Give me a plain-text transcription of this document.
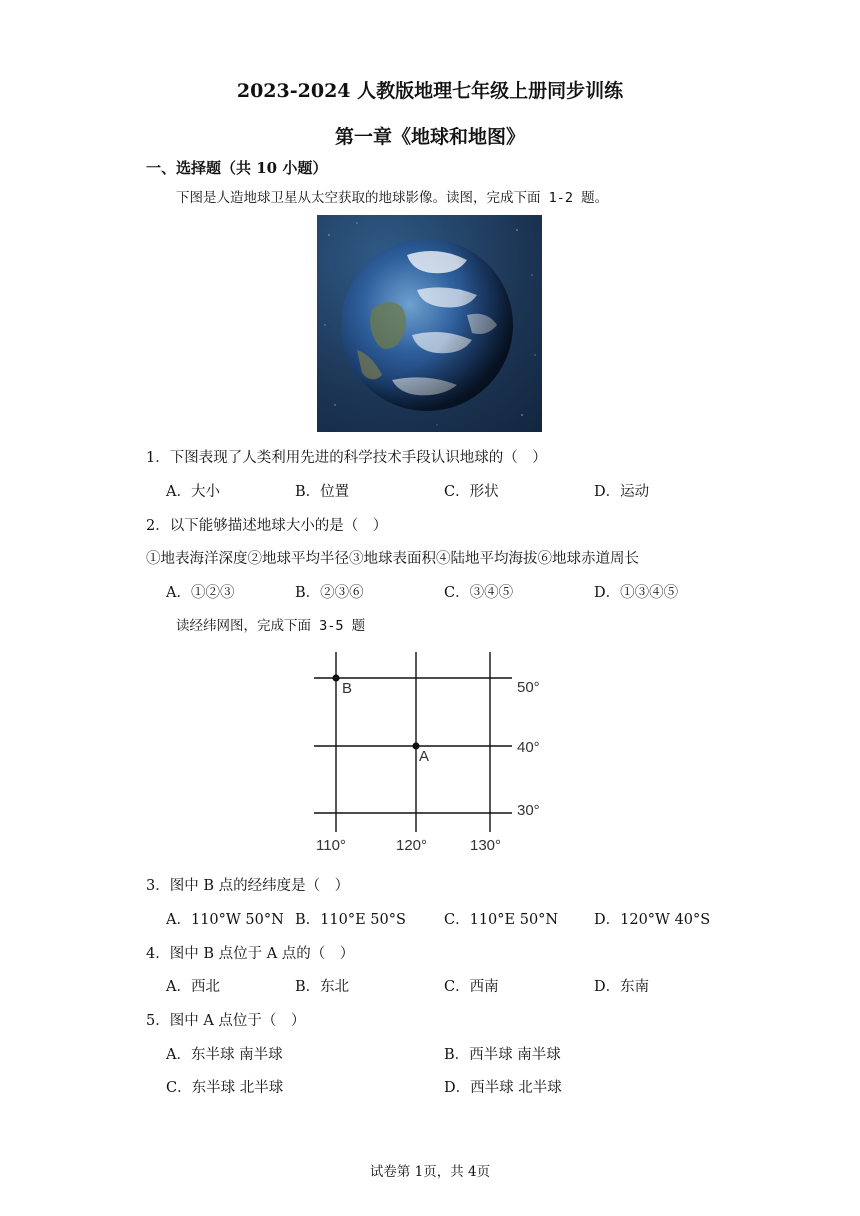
2023-2024 人教版地理七年级上册同步训练
第一章《地球和地图》
一、选择题（共 10 小题）
下图是人造地球卫星从太空获取的地球影像。读图，完成下面 1-2 题。
1．下图表现了人类利用先进的科学技术手段认识地球的（　）
A．大小	B．位置	C．形状	D．运动
2．以下能够描述地球大小的是（　）
①地表海洋深度②地球平均半径③地球表面积④陆地平均海拔⑥地球赤道周长
A．①②③	B．②③⑥	C．③④⑤	D．①③④⑤
读经纬网图，完成下面 3-5 题
50°
40°
30°
110°	120°	130°
B
A
3．图中 B 点的经纬度是（　）
A．110°W 50°N B．110°E 50°S	C．110°E 50°N D．120°W 40°S
4．图中 B 点位于 A 点的（　）
A．西北	B．东北	C．西南	D．东南
5．图中 A 点位于（　）
A．东半球 南半球	B．西半球 南半球
C．东半球 北半球	D．西半球 北半球
试卷第 1页，共 4页
